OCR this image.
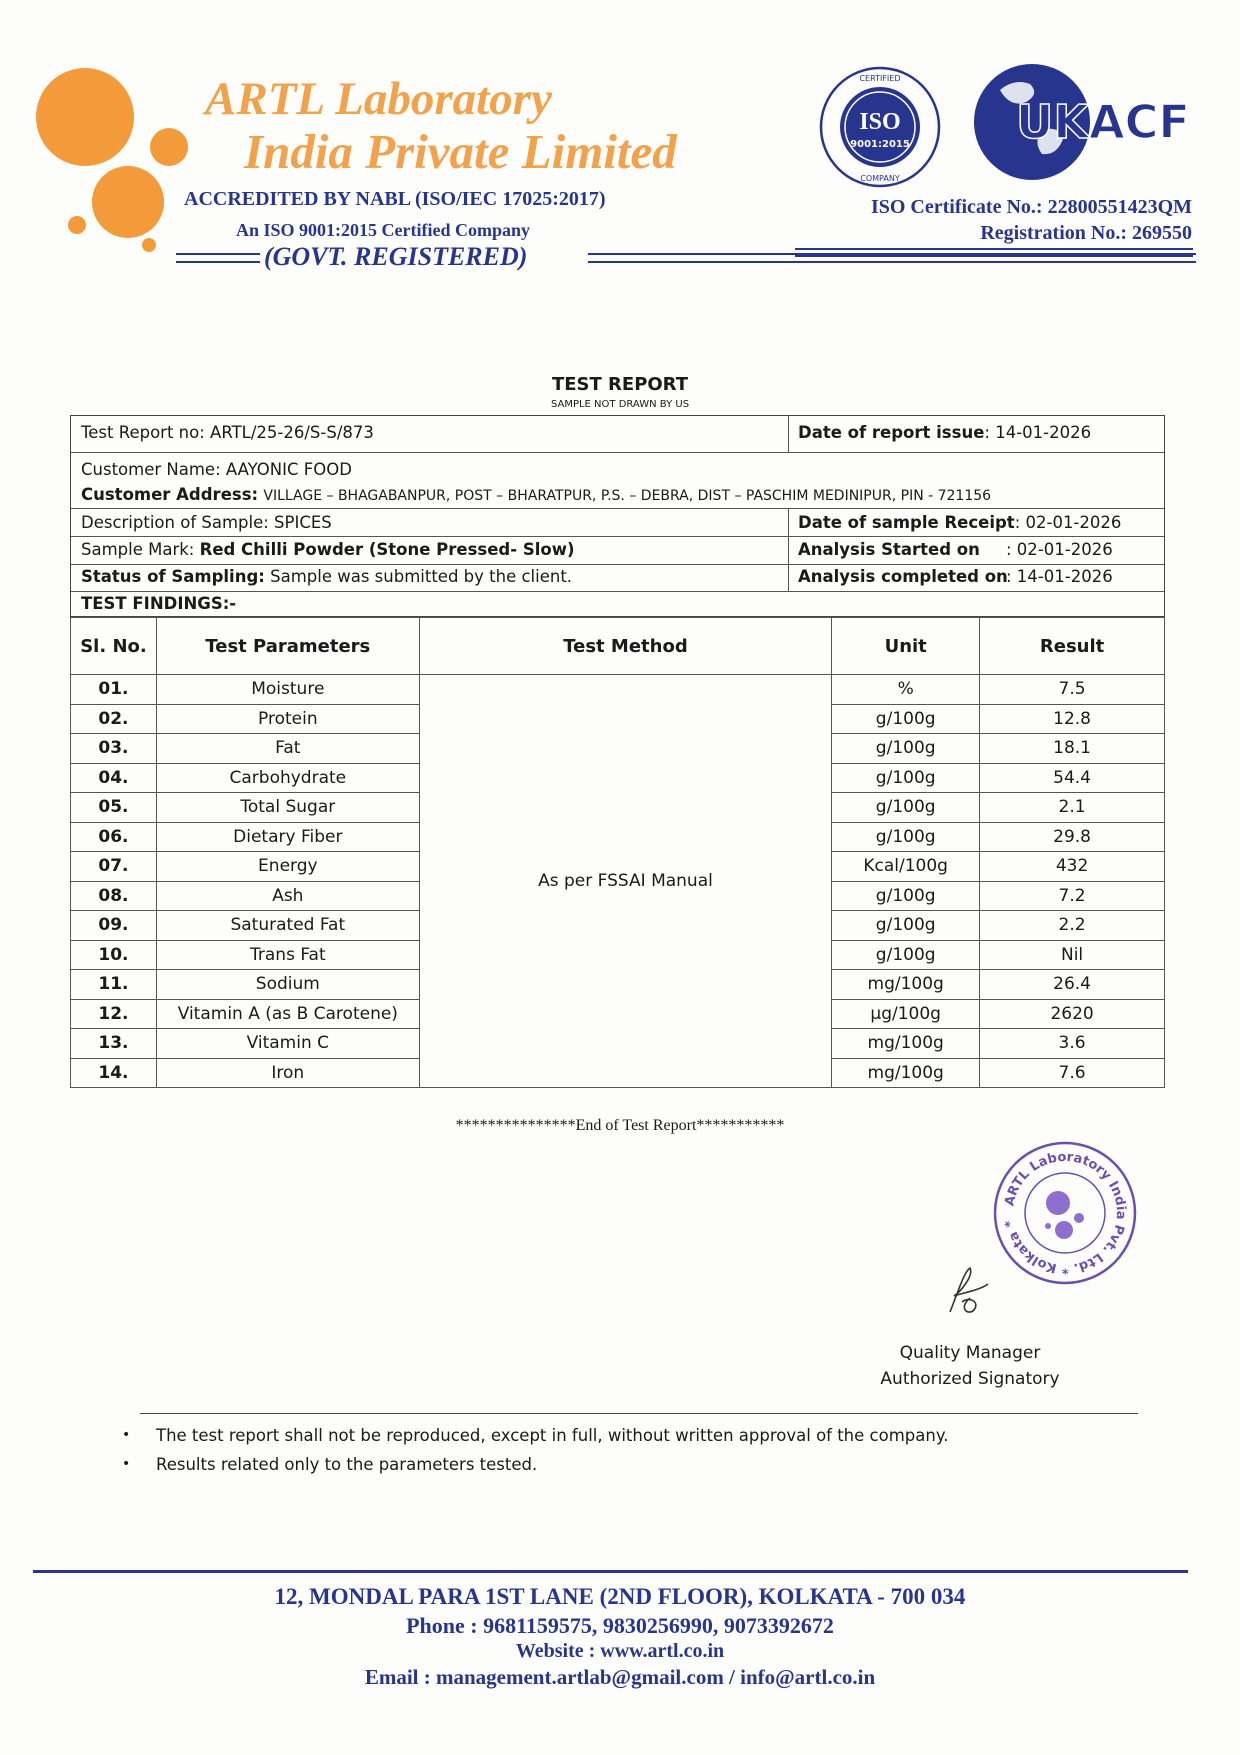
ARTL Laboratory
India Private Limited
ACCREDITED BY NABL (ISO/IEC 17025:2017)
An ISO 9001:2015 Certified Company
(GOVT. REGISTERED)
CERTIFIED
ISO
9001:2015
COMPANY
UKACF
ISO Certificate No.: 22800551423QM
Registration No.: 269550
TEST REPORT
SAMPLE NOT DRAWN BY US
Test Report no: ARTL/25-26/S-S/873	Date of report issue: 14-01-2026
Customer Name: AAYONIC FOOD
Customer Address: VILLAGE – BHAGABANPUR, POST – BHARATPUR, P.S. – DEBRA, DIST – PASCHIM MEDINIPUR, PIN - 721156
Description of Sample: SPICES	Date of sample Receipt: 02-01-2026
Sample Mark: Red Chilli Powder (Stone Pressed- Slow)	Analysis Started on : 02-01-2026
Status of Sampling: Sample was submitted by the client.	Analysis completed on: 14-01-2026
TEST FINDINGS:-
Sl. No.	Test Parameters	Test Method	Unit	Result
01.	Moisture	As per FSSAI Manual	%	7.5
02.	Protein		g/100g	12.8
03.	Fat		g/100g	18.1
04.	Carbohydrate		g/100g	54.4
05.	Total Sugar		g/100g	2.1
06.	Dietary Fiber		g/100g	29.8
07.	Energy		Kcal/100g	432
08.	Ash		g/100g	7.2
09.	Saturated Fat		g/100g	2.2
10.	Trans Fat		g/100g	Nil
11.	Sodium		mg/100g	26.4
12.	Vitamin A (as B Carotene)		µg/100g	2620
13.	Vitamin C		mg/100g	3.6
14.	Iron		mg/100g	7.6
***************End of Test Report***********
ARTL Laboratory India Pvt. Ltd. * Kolkata *
Quality Manager
Authorized Signatory
• The test report shall not be reproduced, except in full, without written approval of the company.
• Results related only to the parameters tested.
12, MONDAL PARA 1ST LANE (2ND FLOOR), KOLKATA - 700 034
Phone : 9681159575, 9830256990, 9073392672
Website : www.artl.co.in
Email : management.artlab@gmail.com / info@artl.co.in
